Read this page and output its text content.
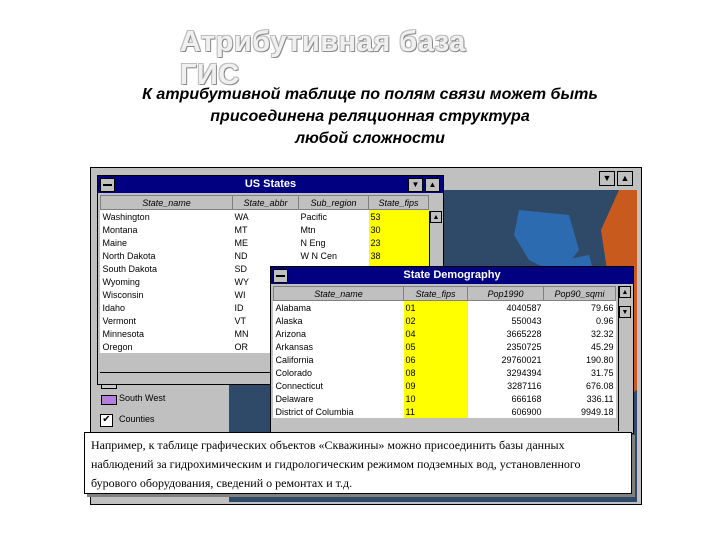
Атрибутивная база ГИС
К атрибутивной таблице по полям связи может быть
присоединена реляционная структура
любой сложности
▼	▲
South West
✔ Counties
US States	▼	▲
State_name	State_abbr	Sub_region	State_fips
Washington	WA	Pacific	53
Montana	MT	Mtn	30
Maine	ME	N Eng	23
North Dakota	ND	W N Cen	38
South Dakota	SD		
Wyoming	WY		
Wisconsin	WI		
Idaho	ID		
Vermont	VT		
Minnesota	MN		
Oregon	OR		
▲
State Demography
State_name	State_fips	Pop1990	Pop90_sqmi
Alabama	01	4040587	79.66
Alaska	02	550043	0.96
Arizona	04	3665228	32.32
Arkansas	05	2350725	45.29
California	06	29760021	190.80
Colorado	08	3294394	31.75
Connecticut	09	3287116	676.08
Delaware	10	666168	336.11
District of Columbia	11	606900	9949.18
▲
▼
Например, к таблице графических объектов «Скважины» можно присоединить базы данных наблюдений за гидрохимическим и гидрологическим режимом подземных вод, установленного бурового оборудования, сведений о ремонтах и т.д.
